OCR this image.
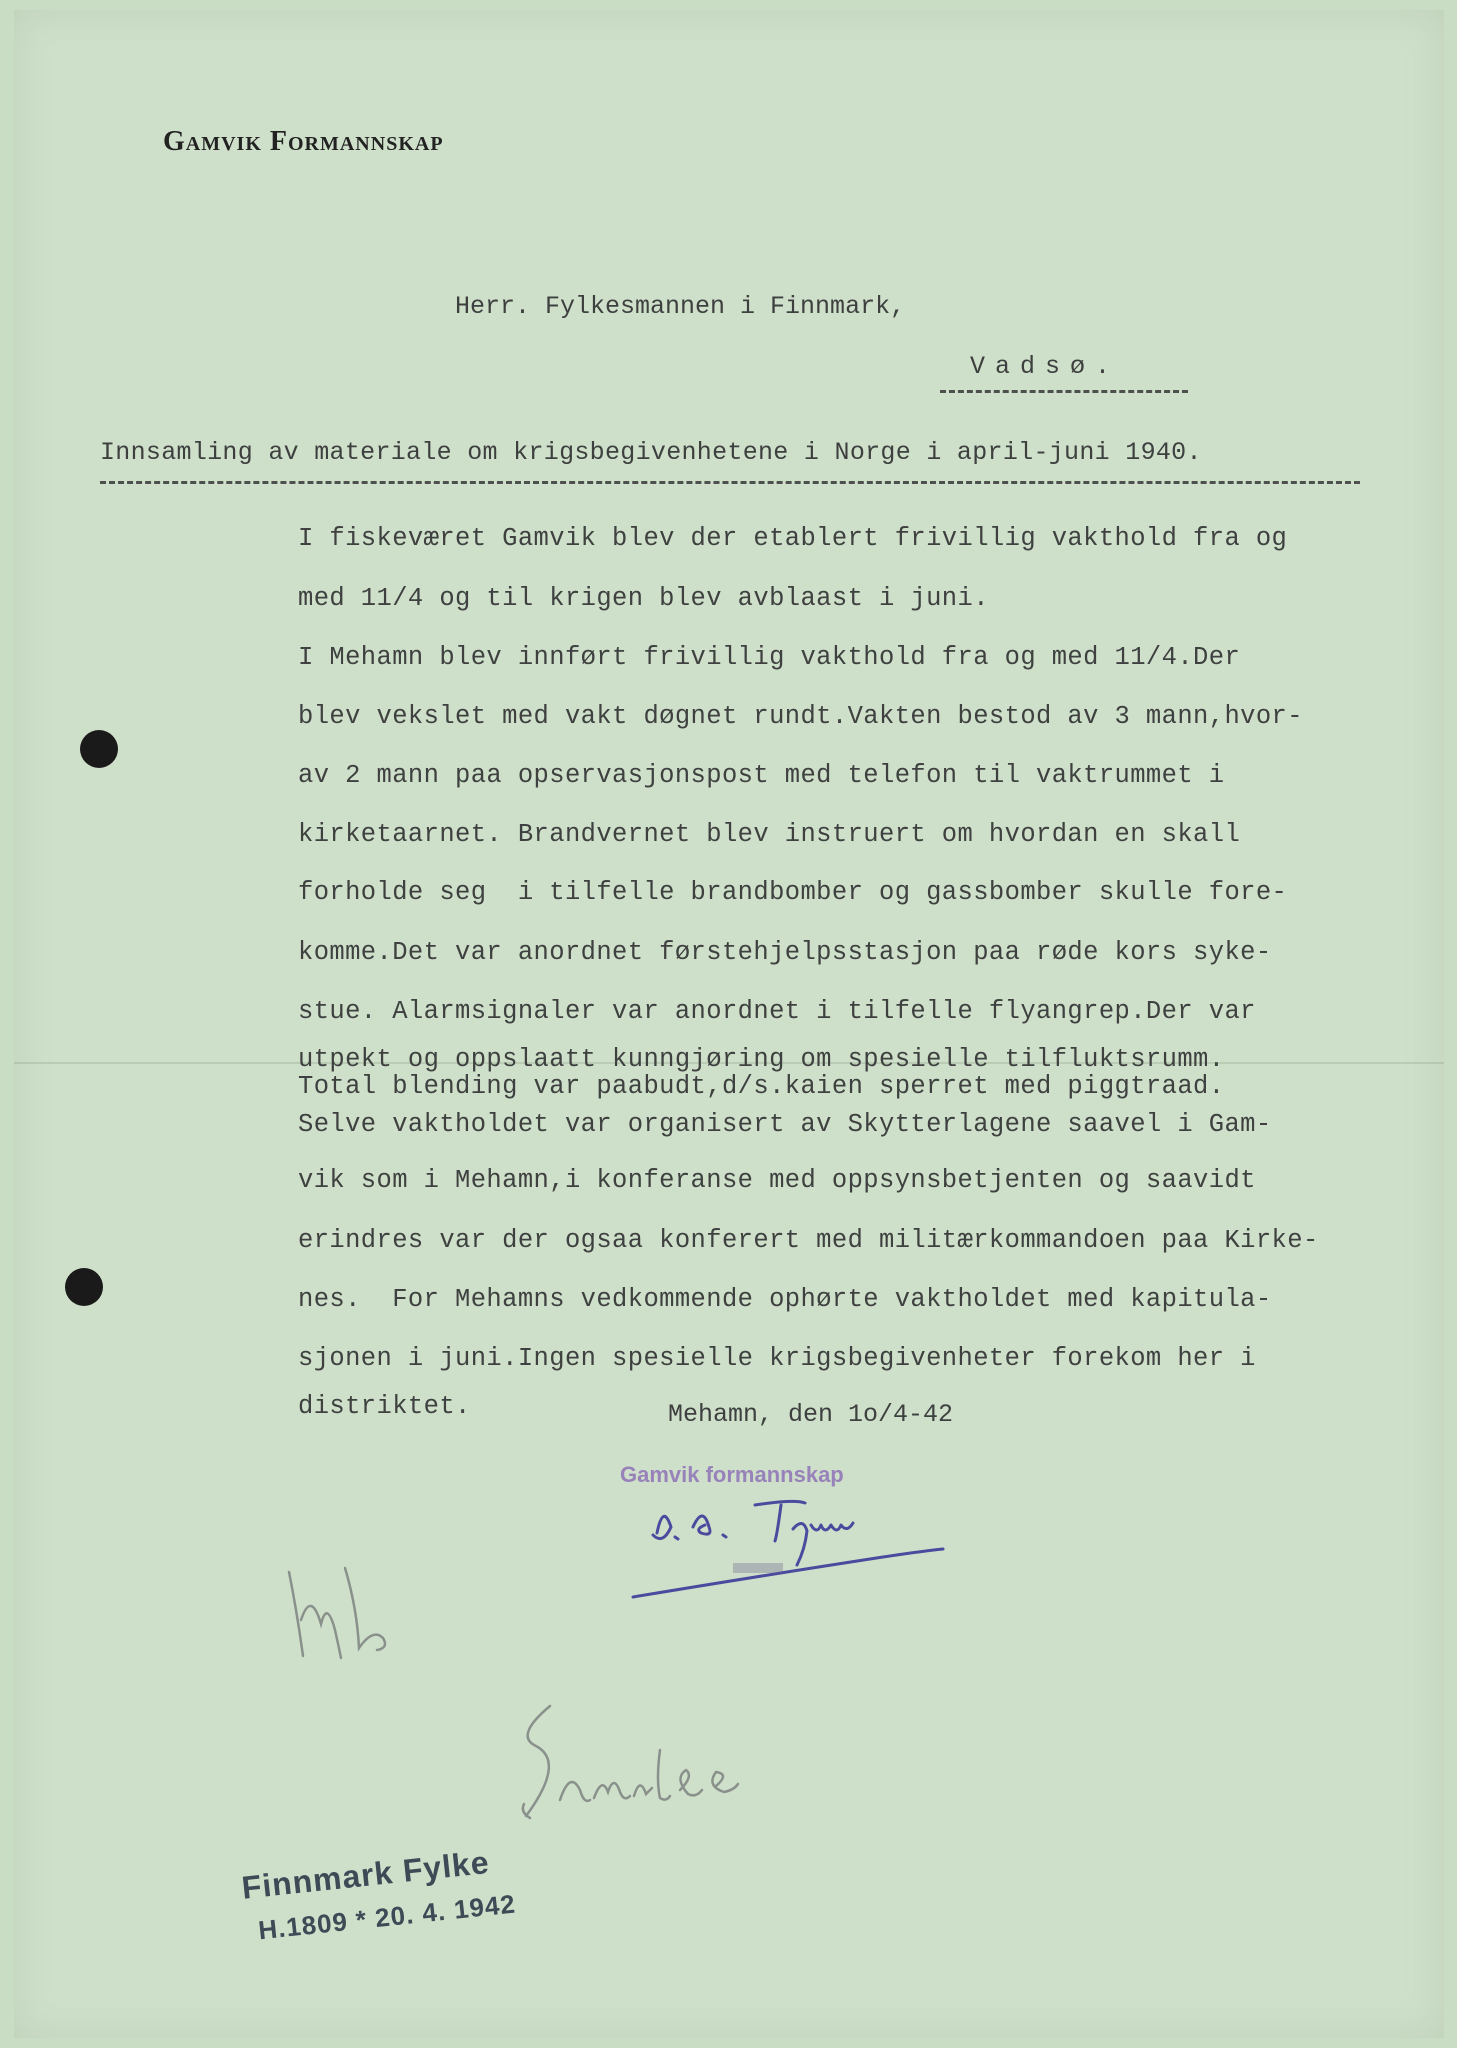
Gamvik Formannskap
Herr. Fylkesmannen i Finnmark,
Vadsø.
Innsamling av materiale om krigsbegivenhetene i Norge i april-juni 1940.
I fiskeværet Gamvik blev der etablert frivillig vakthold fra og
med 11/4 og til krigen blev avblaast i juni.
I Mehamn blev innført frivillig vakthold fra og med 11/4.Der
blev vekslet med vakt døgnet rundt.Vakten bestod av 3 mann,hvor-
av 2 mann paa opservasjonspost med telefon til vaktrummet i
kirketaarnet. Brandvernet blev instruert om hvordan en skall
forholde seg  i tilfelle brandbomber og gassbomber skulle fore-
komme.Det var anordnet førstehjelpsstasjon paa røde kors syke-
stue. Alarmsignaler var anordnet i tilfelle flyangrep.Der var
utpekt og oppslaatt kunngjøring om spesielle tilfluktsrumm.
Total blending var paabudt,d/s.kaien sperret med piggtraad.
Selve vaktholdet var organisert av Skytterlagene saavel i Gam-
vik som i Mehamn,i konferanse med oppsynsbetjenten og saavidt
erindres var der ogsaa konferert med militærkommandoen paa Kirke-
nes.  For Mehamns vedkommende ophørte vaktholdet med kapitula-
sjonen i juni.Ingen spesielle krigsbegivenheter forekom her i
distriktet.	Mehamn, den 1o/4-42
Gamvik formannskap
Finnmark Fylke
H.1809 * 20. 4. 1942
